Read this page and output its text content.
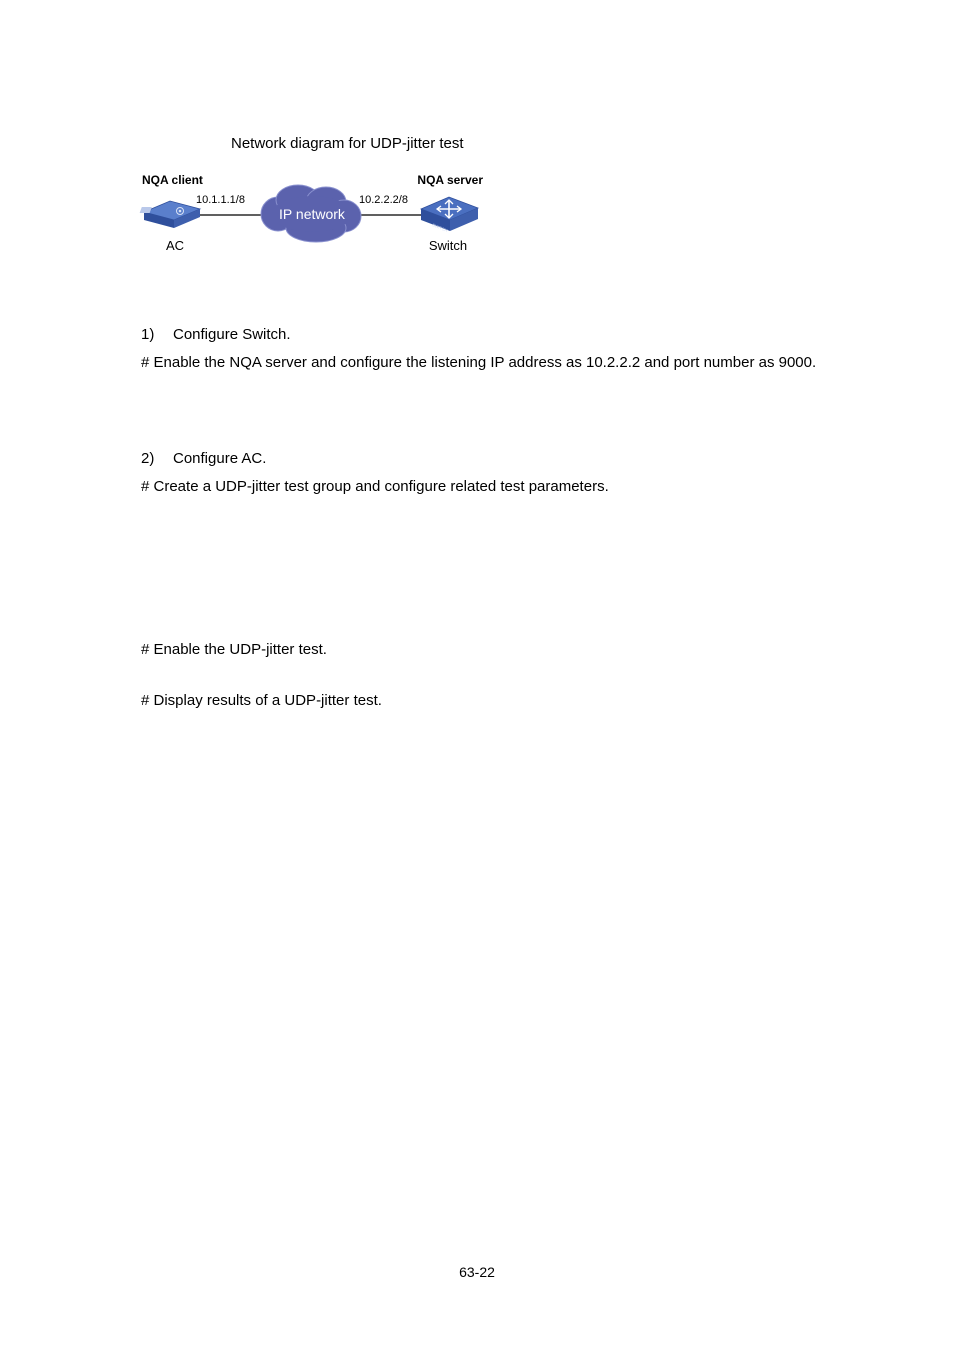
Network diagram for UDP-jitter test
IP network
SWITCH
NQA client
10.1.1.1/8
AC
NQA server
10.2.2.2/8
Switch
1) Configure Switch.
# Enable the NQA server and configure the listening IP address as 10.2.2.2 and port number as 9000.
2) Configure AC.
# Create a UDP-jitter test group and configure related test parameters.
# Enable the UDP-jitter test.
# Display results of a UDP-jitter test.
63-22
